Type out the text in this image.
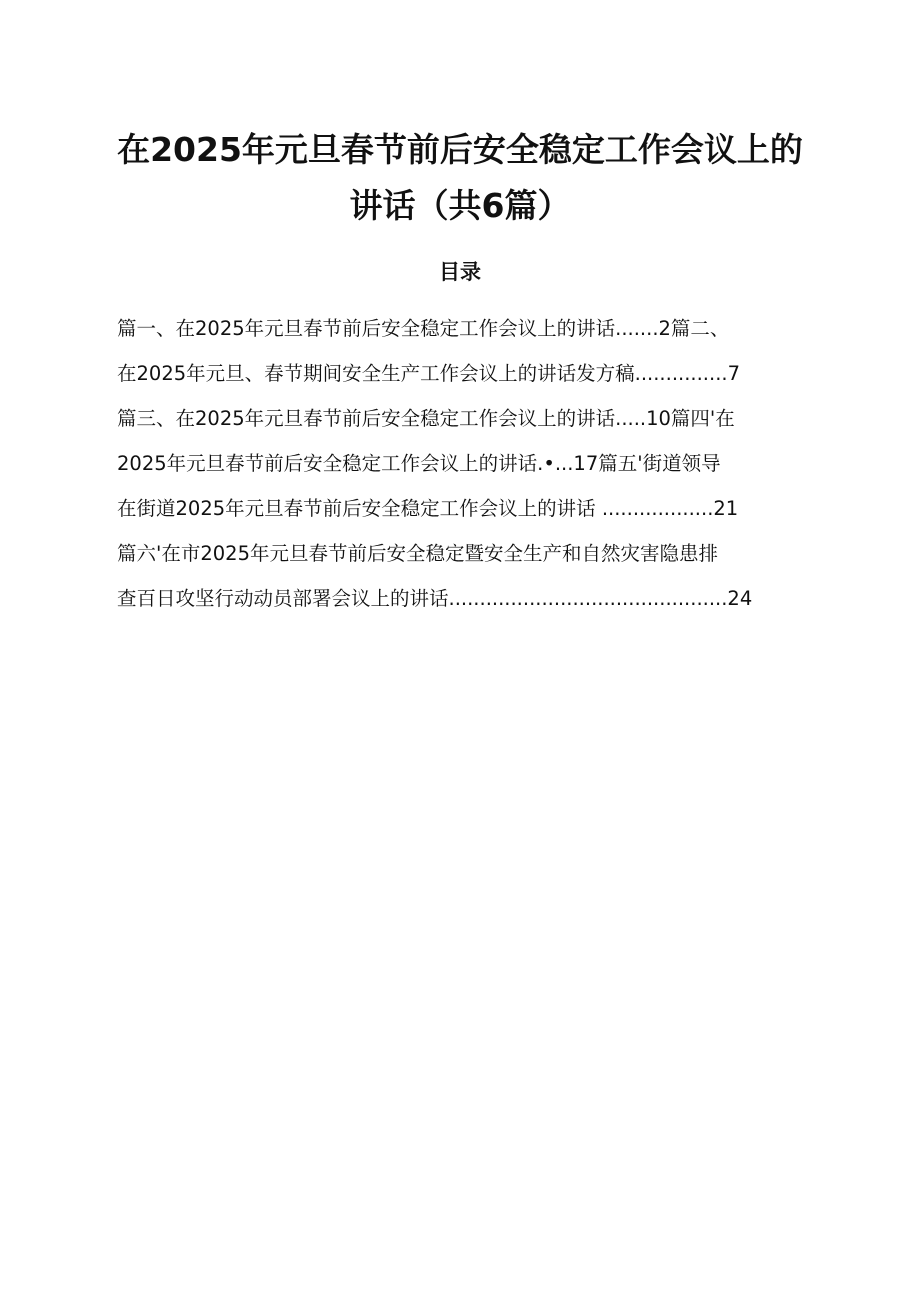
在2025年元旦春节前后安全稳定工作会议上的
讲话（共6篇）
目录
篇一、在2025年元旦春节前后安全稳定工作会议上的讲话.......2篇二、
在2025年元旦、春节期间安全生产工作会议上的讲话发方稿...............7
篇三、在2025年元旦春节前后安全稳定工作会议上的讲话.....10篇四'在
2025年元旦春节前后安全稳定工作会议上的讲话.•...17篇五'街道领导
在街道2025年元旦春节前后安全稳定工作会议上的讲话 ..................21
篇六'在市2025年元旦春节前后安全稳定暨安全生产和自然灾害隐患排
查百日攻坚行动动员部署会议上的讲话.............................................24
